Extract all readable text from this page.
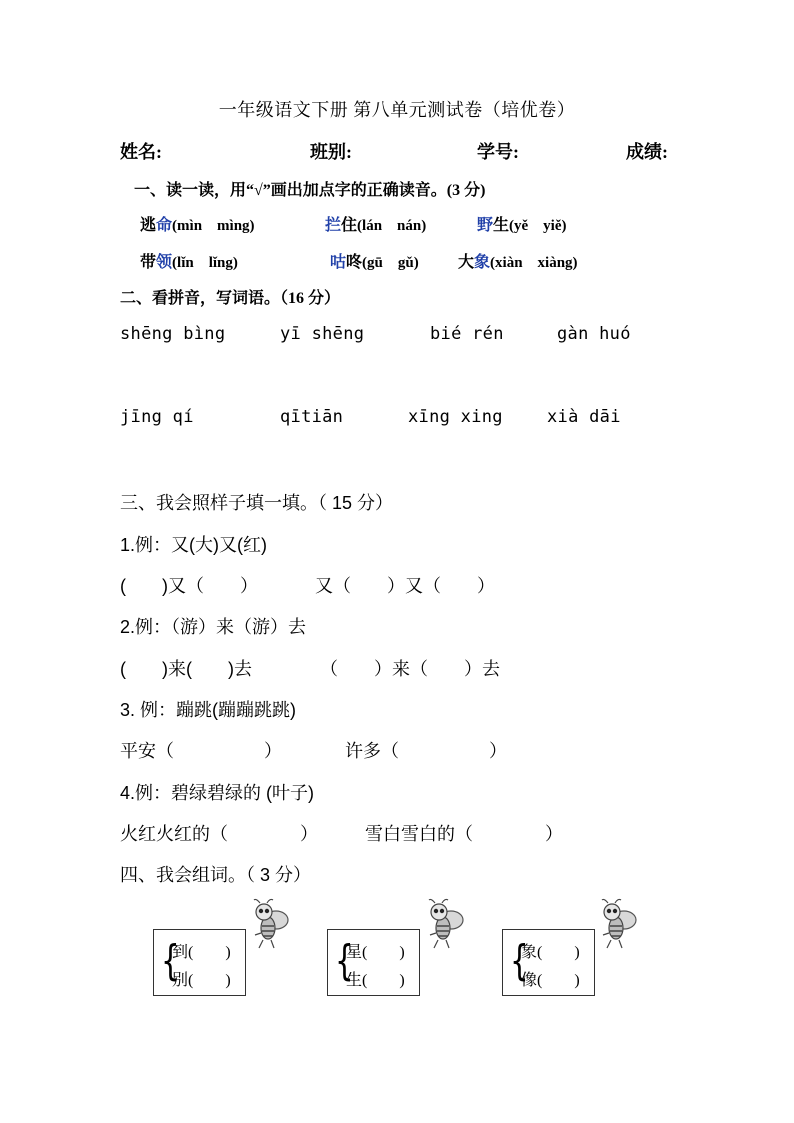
一年级语文下册 第八单元测试卷（培优卷）
姓名:	班别:	学号:	成绩:
一、读一读，用“√”画出加点字的正确读音。(3 分)
逃命(mìn　mìng)	拦住(lán　nán)	野生(yě　yiě)
带领(lǐn　lǐng)	咕咚(gū　gǔ) 大象(xiàn　xiàng)
二、看拼音，写词语。（16 分）
shēng bìng	yī shēng	bié rén	gàn huó
jīng qí	qītiān	xīng xing	xià dāi
三、我会照样子填一填。（ 15 分）
1.例：又(大)又(红)
(　　)又（　　）	又（　　）又（　　）
2.例：（游）来（游）去
(　　)来(　　)去	（　　）来（　　）去
3. 例：蹦跳(蹦蹦跳跳)
平安（　　　　　）	许多（　　　　　）
4.例：碧绿碧绿的 (叶子)
火红火红的（　　　　）	雪白雪白的（　　　　）
四、我会组词。（ 3 分）
{
到(　　)
别(　　) {
星(　　)
生(　　)	{
象(　　)
像(　　)
